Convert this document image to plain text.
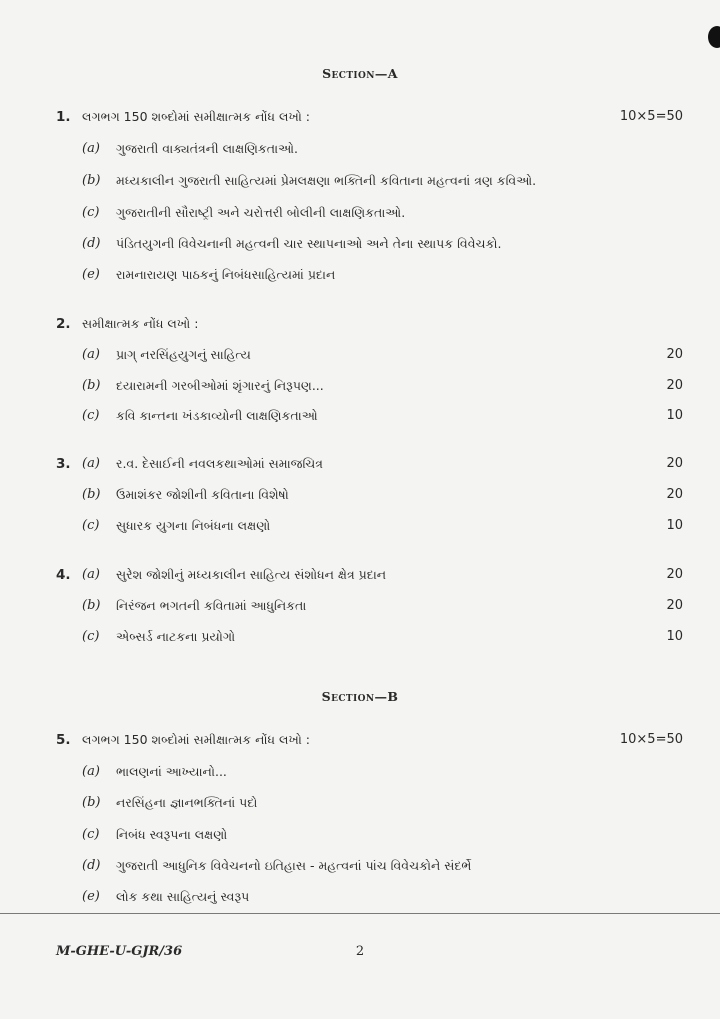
Section—A
1. લગભગ 150 શબ્દોમાં સમીક્ષાત્મક નોંધ લખો :	10×5=50
(a) ગુજરાતી વાક્યતંત્રની લાક્ષણિકતાઓ.
(b) મધ્યકાલીન ગુજરાતી સાહિત્યમાં પ્રેમલક્ષણા ભક્તિની કવિતાના મહત્વનાં ત્રણ કવિઓ.
(c) ગુજરાતીની સૌરાષ્ટ્રી અને ચરોત્તરી બોલીની લાક્ષણિકતાઓ.
(d) પંડિતયુગની વિવેચનાની મહત્વની ચાર સ્થાપનાઓ અને તેના સ્થાપક વિવેચકો.
(e) રામનારાયણ પાઠકનું નિબંધસાહિત્યમાં પ્રદાન
2. સમીક્ષાત્મક નોંધ લખો :
(a) પ્રાગ્ નરસિંહયુગનું સાહિત્ય	20
(b) દયારામની ગરબીઓમાં શૃંગારનું નિરૂપણ...	20
(c) કવિ કાન્તના ખંડકાવ્યોની લાક્ષણિકતાઓ	10
3. (a) ર.વ. દેસાઈની નવલકથાઓમાં સમાજચિત્ર	20
(b) ઉમાશંકર જોશીની કવિતાના વિશેષો	20
(c) સુધારક યુગના નિબંધના લક્ષણો	10
4. (a) સુરેશ જોશીનું મધ્યકાલીન સાહિત્ય સંશોધન ક્ષેત્ર પ્રદાન	20
(b) નિરંજન ભગતની કવિતામાં આધુનિકતા	20
(c) એબ્સર્ડ નાટકના પ્રયોગો	10
Section—B
5. લગભગ 150 શબ્દોમાં સમીક્ષાત્મક નોંધ લખો :	10×5=50
(a) ભાલણનાં આખ્યાનો...
(b) નરસિંહના જ્ઞાનભક્તિનાં પદો
(c) નિબંધ સ્વરૂપના લક્ષણો
(d) ગુજરાતી આધુનિક વિવેચનનો ઇતિહાસ - મહત્વનાં પાંચ વિવેચકોને સંદર્ભે
(e) લોક કથા સાહિત્યનું સ્વરૂપ
M-GHE-U-GJR/36	2
